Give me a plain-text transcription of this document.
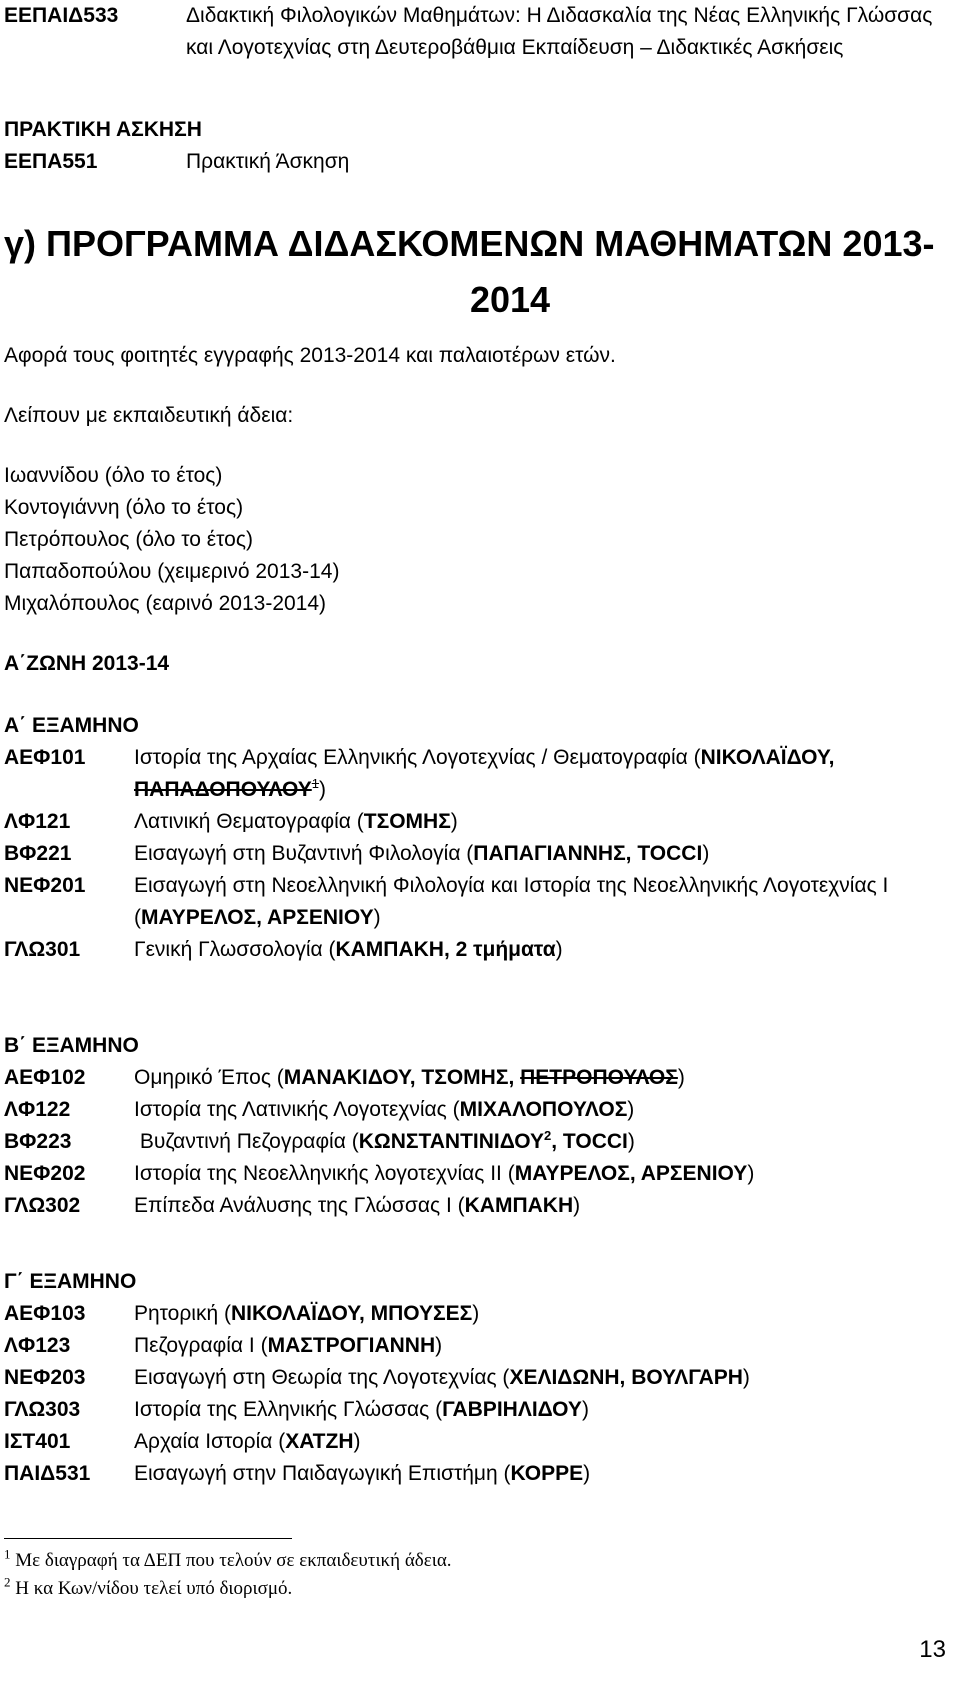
ΕΕΠΑΙΔ533	Διδακτική Φιλολογικών Μαθημάτων: Η Διδασκαλία της Νέας Ελληνικής Γλώσσας και Λογοτεχνίας στη Δευτεροβάθμια Εκπαίδευση – Διδακτικές Ασκήσεις
ΠΡΑΚΤΙΚΗ ΑΣΚΗΣΗ
ΕΕΠΑ551	Πρακτική Άσκηση
γ) ΠΡΟΓΡΑΜΜΑ ΔΙΔΑΣΚΟΜΕΝΩΝ ΜΑΘΗΜΑΤΩΝ 2013-
2014
Αφορά τους φοιτητές εγγραφής 2013-2014 και παλαιοτέρων ετών.
Λείπουν με εκπαιδευτική άδεια:
Ιωαννίδου (όλο το έτος)
Κοντογιάννη (όλο το έτος)
Πετρόπουλος (όλο το έτος)
Παπαδοπούλου (χειμερινό 2013-14)
Μιχαλόπουλος (εαρινό 2013-2014)
Α΄ΖΩΝΗ 2013-14
Α΄ ΕΞΑΜΗΝΟ
ΑΕΦ101 Ιστορία της Αρχαίας Ελληνικής Λογοτεχνίας / Θεματογραφία (ΝΙΚΟΛΑΪΔΟΥ, ΠΑΠΑΔΟΠΟΥΛΟΥ$^1$)
ΛΦ121	Λατινική Θεματογραφία (ΤΣΟΜΗΣ)
ΒΦ221	Εισαγωγή στη Βυζαντινή Φιλολογία (ΠΑΠΑΓΙΑΝΝΗΣ, TOCCI)
ΝΕΦ201 Εισαγωγή στη Νεοελληνική Φιλολογία και Ιστορία της Νεοελληνικής Λογοτεχνίας Ι (ΜΑΥΡΕΛΟΣ, ΑΡΣΕΝΙΟΥ)
ΓΛΩ301	Γενική Γλωσσολογία (ΚΑΜΠΑΚΗ, 2 τμήματα)
Β΄ ΕΞΑΜΗΝΟ
ΑΕΦ102 Ομηρικό Έπος (ΜΑΝΑΚΙΔΟΥ, ΤΣΟΜΗΣ, ΠΕΤΡΟΠΟΥΛΟΣ)
ΛΦ122	Ιστορία της Λατινικής Λογοτεχνίας (ΜΙΧΑΛΟΠΟΥΛΟΣ)
ΒΦ223	Βυζαντινή Πεζογραφία (ΚΩΝΣΤΑΝΤΙΝΙΔΟΥ$^2$, TOCCI)
ΝΕΦ202 Ιστορία της Νεοελληνικής λογοτεχνίας ΙΙ (ΜΑΥΡΕΛΟΣ, ΑΡΣΕΝΙΟΥ)
ΓΛΩ302	Επίπεδα Ανάλυσης της Γλώσσας Ι (ΚΑΜΠΑΚΗ)
Γ΄ ΕΞΑΜΗΝΟ
ΑΕΦ103 Ρητορική (ΝΙΚΟΛΑΪΔΟΥ, ΜΠΟΥΣΕΣ)
ΛΦ123	Πεζογραφία Ι (ΜΑΣΤΡΟΓΙΑΝΝΗ)
ΝΕΦ203 Εισαγωγή στη Θεωρία της Λογοτεχνίας (ΧΕΛΙΔΩΝΗ, ΒΟΥΛΓΑΡΗ)
ΓΛΩ303	Ιστορία της Ελληνικής Γλώσσας (ΓΑΒΡΙΗΛΙΔΟΥ)
ΙΣΤ401	Αρχαία Ιστορία (ΧΑΤΖΗ)
ΠΑΙΔ531 Εισαγωγή στην Παιδαγωγική Επιστήμη (ΚΟΡΡΕ)
$^1$ Με διαγραφή τα ΔΕΠ που τελούν σε εκπαιδευτική άδεια.
$^2$ Η κα Κων/νίδου τελεί υπό διορισμό.
13
